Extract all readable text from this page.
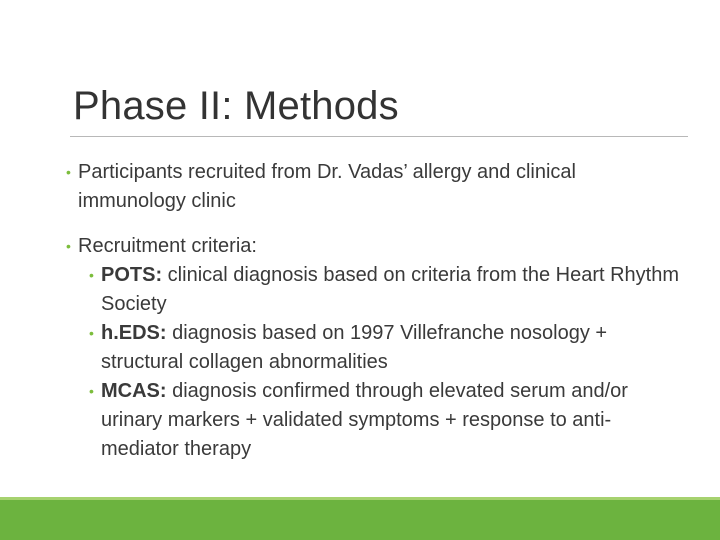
Phase II: Methods
• Participants recruited from Dr. Vadas’ allergy and clinical immunology clinic
• Recruitment criteria:
• POTS: clinical diagnosis based on criteria from the Heart Rhythm Society
• h.EDS: diagnosis based on 1997 Villefranche nosology + structural collagen abnormalities
• MCAS: diagnosis confirmed through elevated serum and/or urinary markers + validated symptoms + response to anti-mediator therapy
